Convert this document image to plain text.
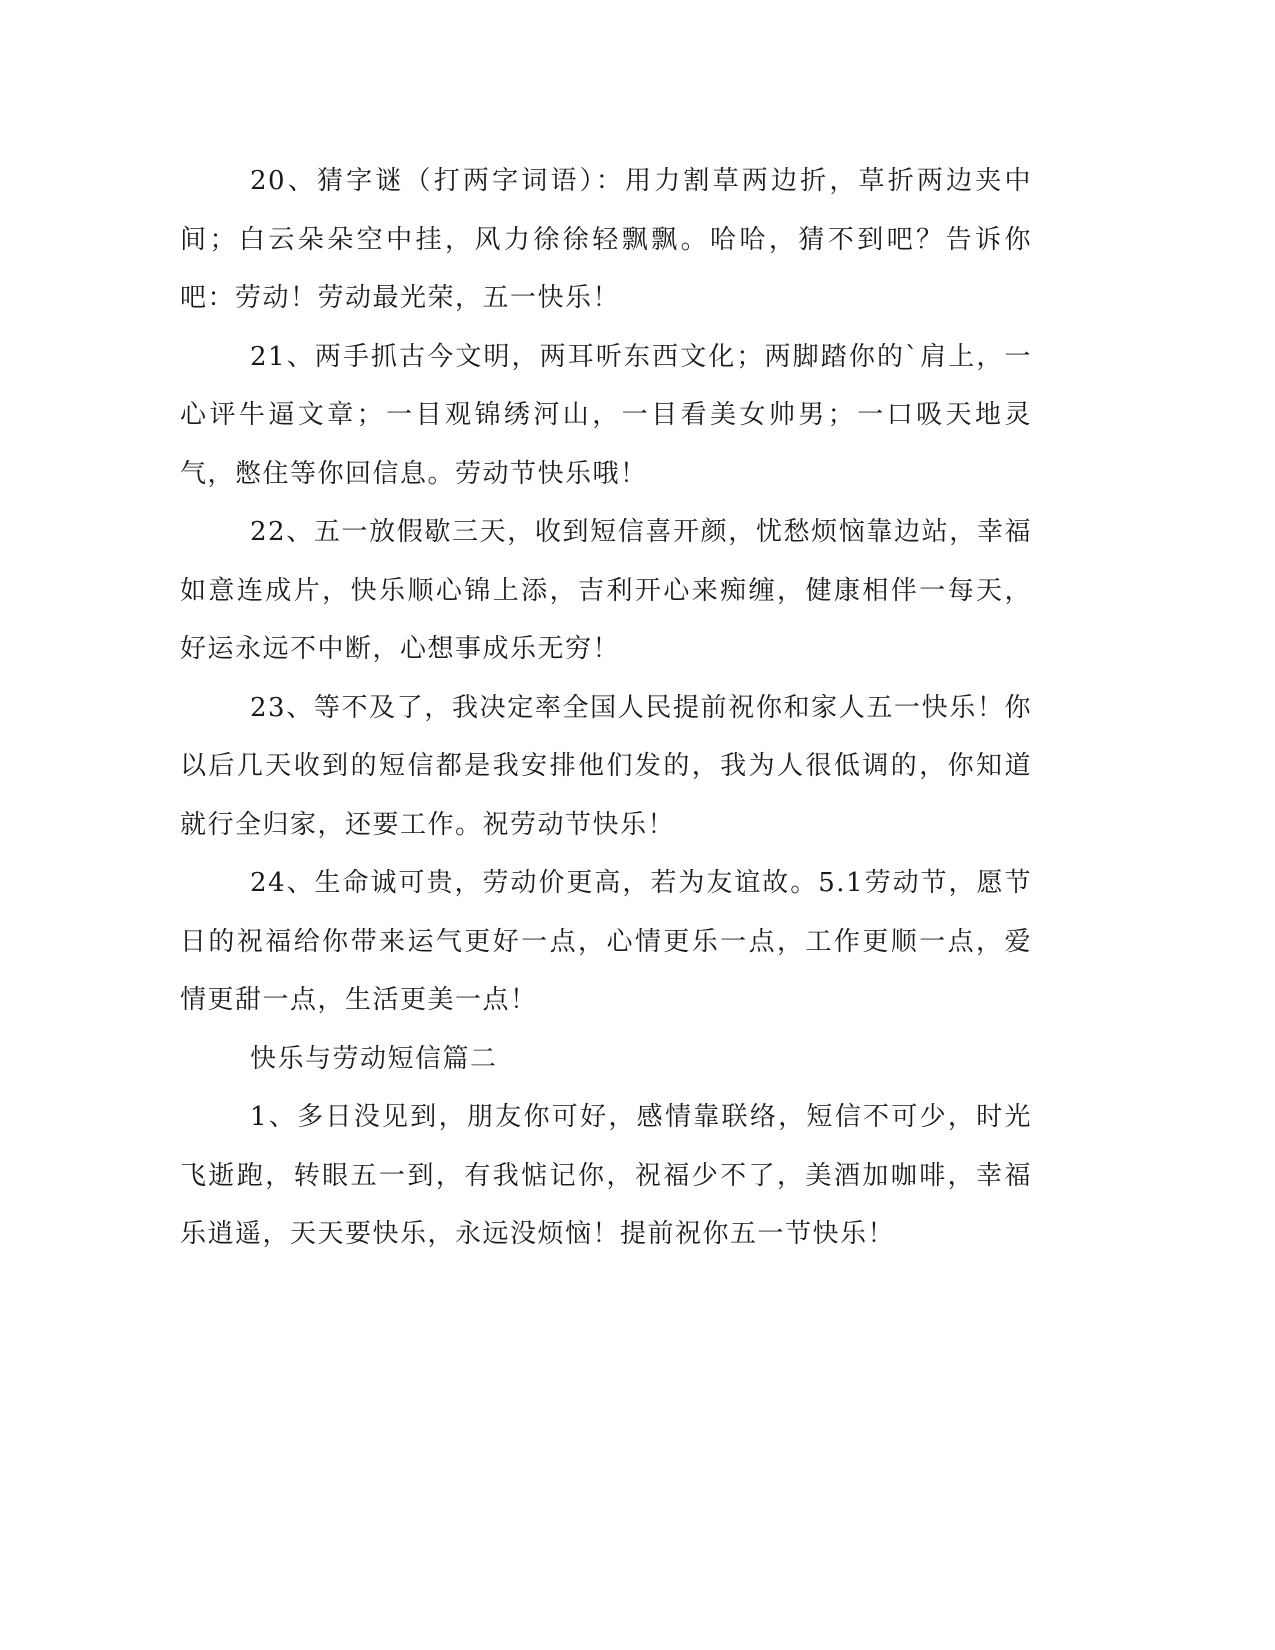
20、猜字谜（打两字词语）：用力割草两边折，草折两边夹中间；白云朵朵空中挂，风力徐徐轻飘飘。哈哈，猜不到吧？告诉你吧：劳动！劳动最光荣，五一快乐！

21、两手抓古今文明，两耳听东西文化；两脚踏你的`肩上，一心评牛逼文章；一目观锦绣河山，一目看美女帅男；一口吸天地灵气，憋住等你回信息。劳动节快乐哦！

22、五一放假歇三天，收到短信喜开颜，忧愁烦恼靠边站，幸福如意连成片，快乐顺心锦上添，吉利开心来痴缠，健康相伴一每天，好运永远不中断，心想事成乐无穷！

23、等不及了，我决定率全国人民提前祝你和家人五一快乐！你以后几天收到的短信都是我安排他们发的，我为人很低调的，你知道就行全归家，还要工作。祝劳动节快乐！

24、生命诚可贵，劳动价更高，若为友谊故。5.1劳动节，愿节日的祝福给你带来运气更好一点，心情更乐一点，工作更顺一点，爱情更甜一点，生活更美一点！

快乐与劳动短信篇二

1、多日没见到，朋友你可好，感情靠联络，短信不可少，时光飞逝跑，转眼五一到，有我惦记你，祝福少不了，美酒加咖啡，幸福乐逍遥，天天要快乐，永远没烦恼！提前祝你五一节快乐！
